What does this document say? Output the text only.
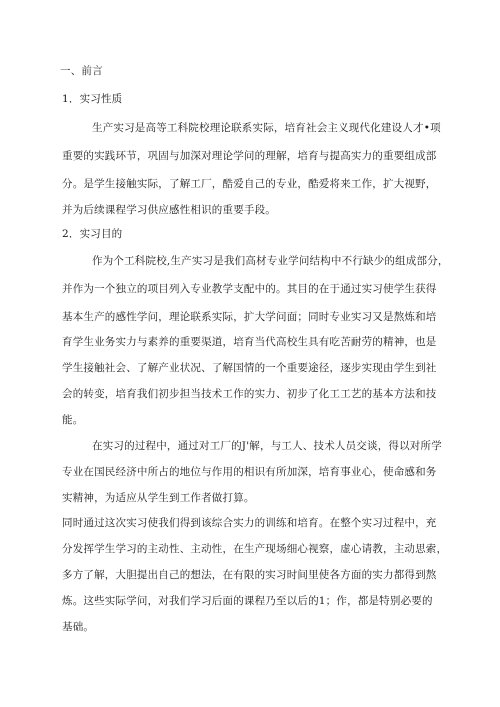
一、前言
1．实习性质
生产实习是高等工科院校理论联系实际，培育社会主义现代化建设人才•项
重要的实践环节，巩固与加深对理论学问的理解，培育与提高实力的重要组成部
分。是学生接触实际，了解工厂，酷爱自己的专业，酷爱将来工作，扩大视野，
并为后续课程学习供应感性相识的重要手段。
2．实习目的
作为个工科院校,生产实习是我们高材专业学问结构中不行缺少的组成部分，
并作为一个独立的项目列入专业教学支配中的。其目的在于通过实习使学生获得
基本生产的感性学问，理论联系实际，扩大学问面；同时专业实习又是熬炼和培
育学生业务实力与素养的重要渠道，培育当代高校生具有吃苦耐劳的精神，也是
学生接触社会、了解产业状况、了解国情的一个重要途径，逐步实现由学生到社
会的转变，培育我们初步担当技术工作的实力、初步了化工工艺的基本方法和技
能。
在实习的过程中，通过对工厂的J'解，与工人、技术人员交谈，得以对所学
专业在国民经济中所占的地位与作用的相识有所加深，培育事业心，使命感和务
实精神，为适应从学生到工作者做打算。
同时通过这次实习使我们得到该综合实力的训练和培育。在整个实习过程中，充
分发挥学生学习的主动性、主动性，在生产现场细心视察，虚心请教，主动思索，
多方了解，大胆提出自己的想法，在有限的实习时间里使各方面的实力都得到熬
炼。这些实际学问，对我们学习后面的课程乃至以后的1；作，都是特别必要的
基础。
